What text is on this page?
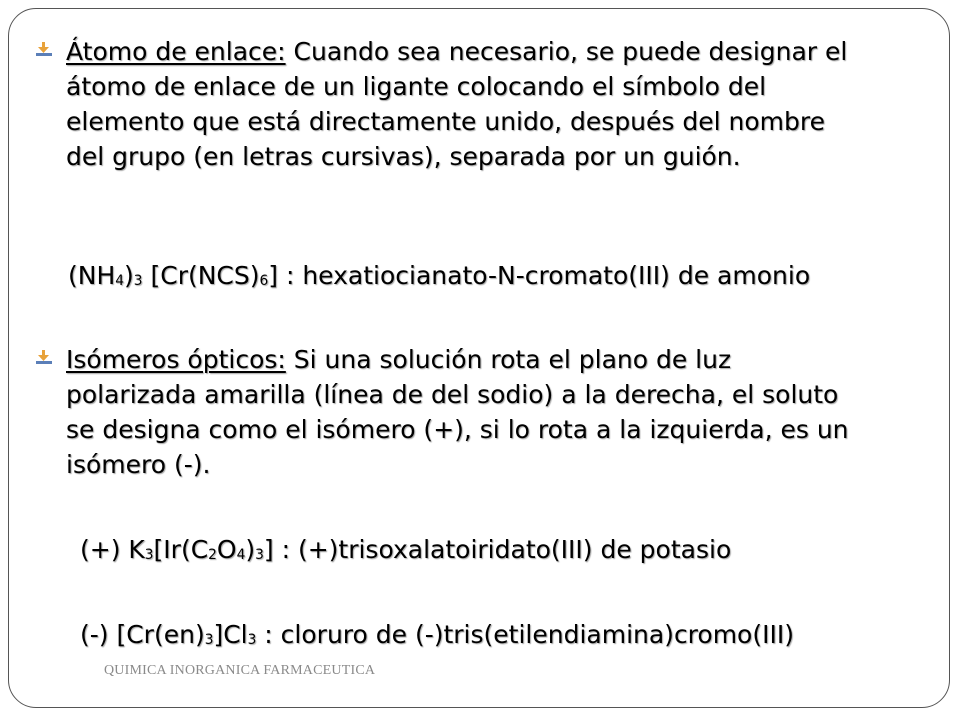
Átomo de enlace: Cuando sea necesario, se puede designar el átomo de enlace de un ligante colocando el símbolo del elemento que está directamente unido, después del nombre del grupo (en letras cursivas), separada por un guión.

$(NH_4)_3$ $[Cr(NCS)_6]$ : hexatiocianato-N-cromato(III) de amonio

Isómeros ópticos: Si una solución rota el plano de luz polarizada amarilla (línea de del sodio) a la derecha, el soluto se designa como el isómero (+), si lo rota a la izquierda, es un isómero (-).

(+) $K_3[Ir(C_2O_4)_3]$ : (+)trisoxalatoiridato(III) de potasio
(-) $[Cr(en)_3]Cl_3$ : cloruro de (-)tris(etilendiamina)cromo(III)
QUIMICA INORGANICA FARMACEUTICA
